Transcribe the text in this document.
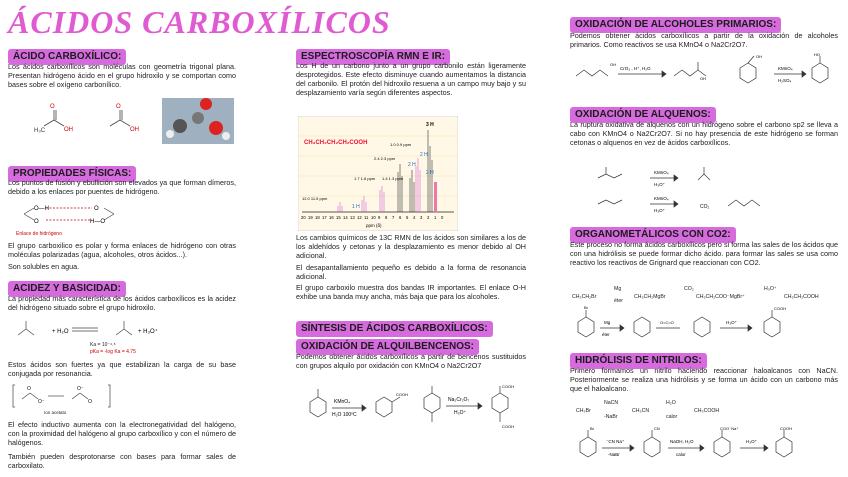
ÁCIDOS CARBOXÍLICOS
ÁCIDO CARBOXÍLICO:

Los ácidos carboxílicos son moléculas con geometría trigonal plana. Presentan hidrógeno ácido en el grupo hidroxilo y se comportan como bases sobre el oxígeno carbonílico.

O
H₃C	OH
O
OH
PROPIEDADES FÍSICAS:

Los puntos de fusión y ebullición son elevados ya que forman dímeros, debido a los enlaces por puentes de hidrógeno.

O—H
O
O
H—O
Enlace de hidrógeno

El grupo carboxilico es polar y forma enlaces de hidrógeno con otras moléculas polarizadas (agua, alcoholes, otros ácidos...).

Son solubles en agua.

ACIDEZ Y BASICIDAD:

La propiedad más característica de los ácidos carboxílicos es la acidez del hidrógeno situado sobre el grupo hidroxilo.

+ H₂O	+ H₃O⁺
Ka = 10⁻⁴.⁸
pKa = -log Ka = 4.75

Estos ácidos son fuertes ya que estabilizan la carga de su base conjugada por resonancia.

O
O⁻
O⁻
O
Ion acetato

El efecto inductivo aumenta con la electronegatividad del halógeno, con la proximidad del halógeno al grupo carboxílico y con el número de halógenos.

También pueden desprotonarse con bases para formar sales de carboxilato.

ESPECTROSCOPÍA RMN E IR:

Los H de un carbono junto a un grupo carbonilo están ligeramente desprotegidos. Este efecto disminuye cuando aumentamos la distancia del carbonilo. El protón del hidroxilo resuena a un campo muy bajo y su desplazamiento varía según diferentes aspectos.

CH₃CH₂CH₂CH₂COOH
3 H
2 H
2 H
2 H
1 H
12.0 11.5 ppm
2.4 2.3 ppm
1.0 0.9 ppm
1.7 1.6 ppm 1.4 1.3 ppm
20 19 18 17 16 15 14 13 12 11 10 9 8 7 6 5 4 3 2 1 0
ppm (δ)

Los cambios químicos de 13C RMN de los ácidos son similares a los de los aldehídos y cetonas y la desplazamiento es menor debido al OH adicional.

El desapantallamiento pequeño es debido a la forma de resonancia adicional.

El grupo carboxilo muestra dos bandas IR importantes. El enlace O-H exhibe una banda muy ancha, más baja que para los alcoholes.

SÍNTESIS DE ÁCIDOS CARBOXÍLICOS:
OXIDACIÓN DE ALQUILBENCENOS:

Podemos obtener ácidos carboxílicos a partir de bencenos sustituidos con grupos alquilo por oxidación con KMnO4 o Na2Cr2O7

KMnO₄
H₂O 100ºC
Na₂Cr₂O₇
H₃O⁺
COOH
COOH
COOH
OXIDACIÓN DE ALCOHOLES PRIMARIOS:

Podemos obtener ácidos carboxílicos a partir de la oxidación de alcoholes primarios. Como reactivos se usa KMnO4 o Na2Cr2O7.

OH
CrO₃ , H⁺, H₂O
OH
OH
KMnO₄
H₂SO₄
HO
OXIDACIÓN DE ALQUENOS:

La ruptura oxidativa de alquenos con un hidrógeno sobre el carbono sp2 se lleva a cabo con KMnO4 o Na2Cr2O7. Si no hay presencia de este hidrógeno se forman cetonas o alquenos en vez de ácidos carboxílicos.

KMnO₄
H₃O⁺
KMnO₄
H₃O⁺
CO₂
ORGANOMETÁLICOS CON CO2:

Este proceso no forma ácidos carboxílicos pero si forma las sales de los ácidos que con una hidrólisis se puede formar dicho ácido. para formar las sales se usa como reactivo los reactivos de Grignard que reaccionan con CO2.

CH₃CH₂Br
Mg
éter
CH₃CH₂MgBr
CO₂
CH₃CH₂COO⁻MgBr⁺
H₃O⁺
CH₃CH₂COOH
Br
Mg
éter
O=C=O	H₃O⁺
COOH
HIDRÓLISIS DE NITRILOS:

Primero formamos un nitrilo haciendo reaccionar haloalcanos con NaCN. Posteriormente se realiza una hidrólisis y se forma un ácido con un carbono más que el haloalcano.

CH₃Br
NaCN
-NaBr
CH₃CN
H₂O
calor
CH₃COOH
Br
⁻CN Na⁺
-NaBr
CN
NaOH, H₂O
calor
COO⁻Na⁺
H₃O⁺
COOH
